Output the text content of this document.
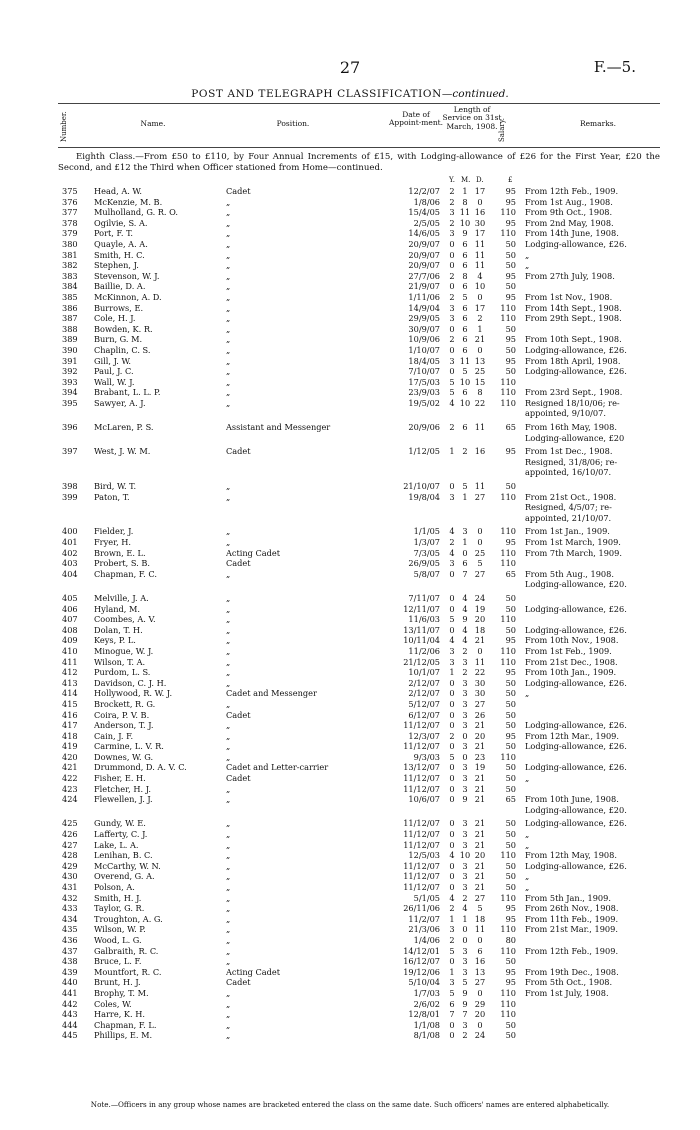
27	F.—5.
POST AND TELEGRAPH CLASSIFICATION—continued.
Number.	Name.	Position.
Date of Appoint-ment.
Length of Service on 31st March, 1908. Salary.	Remarks.
Eighth Class.—From £50 to £110, by Four Annual Increments of £15, with Lodging-allowance of £26 for the First Year, £20 the Second, and £12 the Third when Officer stationed from Home—continued.
Y. M. D.	£
375	Head, A. W.	Cadet	12/2/07	2 1 17	95 From 12th Feb., 1909.
376	McKenzie, M. B.	„	1/8/06	2 8	0	95 From 1st Aug., 1908.
377	Mulholland, G. R. O.	„	15/4/05	3 11 16	110 From 9th Oct., 1908.
378	Ogilvie, S. A.	„	2/5/05	2 10 30	95 From 2nd May, 1908.
379	Port, F. T.	„	14/6/05	3 9 17	110 From 14th June, 1908.
380	Quayle, A. A.	„	20/9/07	0 6 11	50 Lodging-allowance, £26.
381	Smith, H. C.	„	20/9/07	0 6 11	50 „
382	Stephen, J.	„	20/9/07	0 6 11	50 „
383	Stevenson, W. J.	„	27/7/06	2 8	4	95 From 27th July, 1908.
384	Baillie, D. A.	„	21/9/07	0 6 10	50
385	McKinnon, A. D.	„	1/11/06	2 5	0	95 From 1st Nov., 1908.
386	Burrows, E.	„	14/9/04	3 6 17	110 From 14th Sept., 1908.
387	Cole, H. J.	„	29/9/05	3 6	2	110 From 29th Sept., 1908.
388	Bowden, K. R.	„	30/9/07	0 6	1	50
389	Burn, G. M.	„	10/9/06	2 6 21	95 From 10th Sept., 1908.
390	Chaplin, C. S.	„	1/10/07	0 6	0	50 Lodging-allowance, £26.
391	Gill, J. W.	„	18/4/05	3 11 13	95 From 18th April, 1908.
392	Paul, J. C.	„	7/10/07	0 5 25	50 Lodging-allowance, £26.
393	Wall, W. J.	„	17/5/03	5 10 15	110
394	Brabant, L. L. P.	„	23/9/03	5 6	8	110 From 23rd Sept., 1908.
395	Sawyer, A. J.	„	19/5/02	4 10 22	110 Resigned 18/10/06; re-
appointed, 9/10/07.
396	McLaren, P. S.	Assistant and Messenger	20/9/06	2 6 11	65 From 16th May, 1908.
Lodging-allowance, £20
397	West, J. W. M.	Cadet	1/12/05	1 2 16	95 From 1st Dec., 1908.
Resigned, 31/8/06; re-
appointed, 16/10/07.
398	Bird, W. T.	„	21/10/07	0 5 11	50
399	Paton, T.	„	19/8/04	3 1 27	110 From 21st Oct., 1908.
Resigned, 4/5/07; re-
appointed, 21/10/07.
400	Fielder, J.	„	1/1/05	4 3	0	110 From 1st Jan., 1909.
401	Fryer, H.	„	1/3/07	2 1	0	95 From 1st March, 1909.
402	Brown, E. L.	Acting Cadet	7/3/05	4 0 25	110 From 7th March, 1909.
403	Probert, S. B.	Cadet	26/9/05	3 6	5	110
404	Chapman, F. C.	„	5/8/07	0 7 27	65 From 5th Aug., 1908.
Lodging-allowance, £20.
405	Melville, J. A.	„	7/11/07	0 4 24	50
406	Hyland, M.	„	12/11/07	0 4 19	50 Lodging-allowance, £26.
407	Coombes, A. V.	„	11/6/03	5 9 20	110
408	Dolan, T. H.	„	13/11/07	0 4 18	50 Lodging-allowance, £26.
409	Keys, P. L.	„	10/11/04	4 4 21	95 From 10th Nov., 1908.
410	Minogue, W. J.	„	11/2/06	3 2	0	110 From 1st Feb., 1909.
411	Wilson, T. A.	„	21/12/05	3 3 11	110 From 21st Dec., 1908.
412	Purdom, L. S.	„	10/1/07	1 2 22	95 From 10th Jan., 1909.
413	Davidson, C. J. H.	„	2/12/07	0 3 30	50 Lodging-allowance, £26.
414	Hollywood, R. W. J.	Cadet and Messenger	2/12/07	0 3 30	50 „
415	Brockett, R. G.	„	5/12/07	0 3 27	50
416	Coira, P. V. B.	Cadet	6/12/07	0 3 26	50
417	Anderson, T. J.	„	11/12/07	0 3 21	50 Lodging-allowance, £26.
418	Cain, J. F.	„	12/3/07	2 0 20	95 From 12th Mar., 1909.
419	Carmine, L. V. R.	„	11/12/07	0 3 21	50 Lodging-allowance, £26.
420	Downes, W. G.	„	9/3/03	5 0 23	110
421	Drummond, D. A. V. C.	Cadet and Letter-carrier	13/12/07	0 3 19	50 Lodging-allowance, £26.
422	Fisher, E. H.	Cadet	11/12/07	0 3 21	50 „
423	Fletcher, H. J.	„	11/12/07	0 3 21	50
424	Flewellen, J. J.	„	10/6/07	0 9 21	65 From 10th June, 1908.
Lodging-allowance, £20.
425	Gundy, W. E.	„	11/12/07	0 3 21	50 Lodging-allowance, £26.
426	Lafferty, C. J.	„	11/12/07	0 3 21	50 „
427	Lake, L. A.	„	11/12/07	0 3 21	50 „
428	Lenihan, B. C.	„	12/5/03	4 10 20	110 From 12th May, 1908.
429	McCarthy, W. N.	„	11/12/07	0 3 21	50 Lodging-allowance, £26.
430	Overend, G. A.	„	11/12/07	0 3 21	50 „
431	Polson, A.	„	11/12/07	0 3 21	50 „
432	Smith, H. J.	„	5/1/05	4 2 27	110 From 5th Jan., 1909.
433	Taylor, G. R.	„	26/11/06	2 4	5	95 From 26th Nov., 1908.
434	Troughton, A. G.	„	11/2/07	1 1 18	95 From 11th Feb., 1909.
435	Wilson, W. P.	„	21/3/06	3 0 11	110 From 21st Mar., 1909.
436	Wood, L. G.	„	1/4/06	2 0	0	80
437	Galbraith, R. C.	„	14/12/01	5 3	6	110 From 12th Feb., 1909.
438	Bruce, L. F.	„	16/12/07	0 3 16	50
439	Mountfort, R. C.	Acting Cadet	19/12/06	1 3 13	95 From 19th Dec., 1908.
440	Brunt, H. J.	Cadet	5/10/04	3 5 27	95 From 5th Oct., 1908.
441	Brophy, T. M.	„	1/7/03	5 9	0	110 From 1st July, 1908.
442	Coles, W.	„	2/6/02	6 9 29	110
443	Harre, K. H.	„	12/8/01	7 7 20	110
444	Chapman, F. L.	„	1/1/08	0 3	0	50
445	Phillips, E. M.	„	8/1/08	0 2 24	50
Note.—Officers in any group whose names are bracketed entered the class on the same date. Such officers' names are entered alphabetically.
